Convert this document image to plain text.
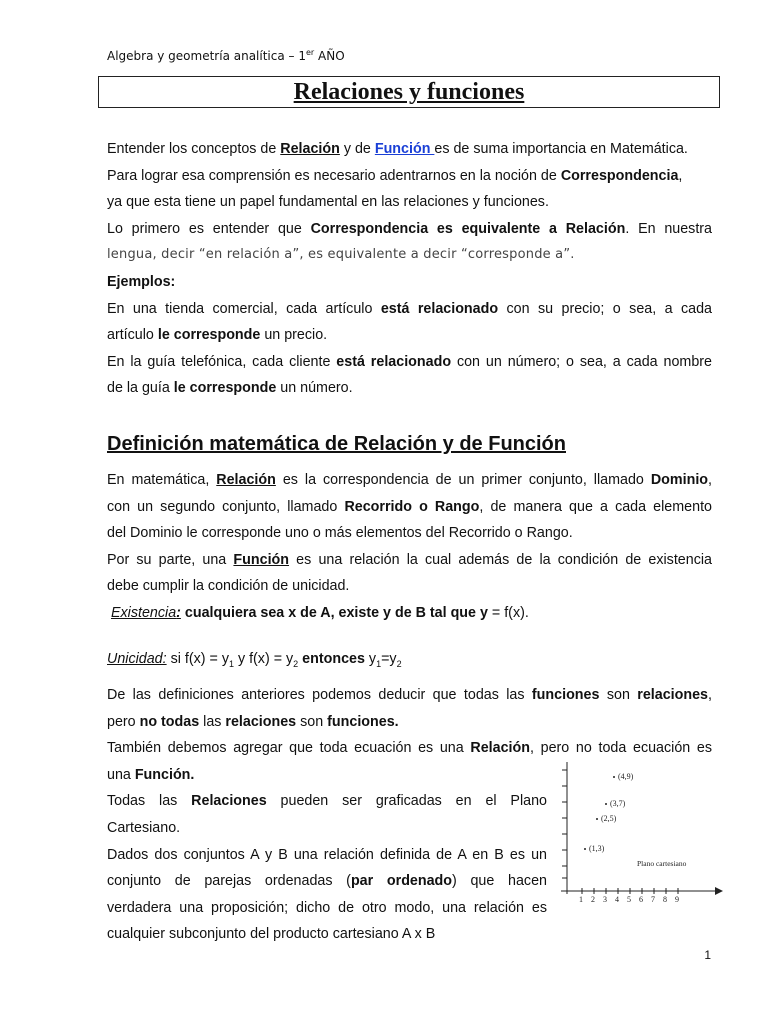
Algebra y geometría analítica – 1er AÑO
Relaciones y funciones
Entender los conceptos de Relación y de Función es de suma importancia en Matemática.
Para lograr esa comprensión es necesario adentrarnos en la noción de Correspondencia,
ya que esta tiene un papel fundamental en las relaciones y funciones.
Lo primero es entender que Correspondencia es equivalente a Relación. En nuestra
lengua, decir “en relación a”, es equivalente a decir “corresponde a”.
Ejemplos:
En una tienda comercial, cada artículo está relacionado con su precio; o sea, a cada
artículo le corresponde un precio.
En la guía telefónica, cada cliente está relacionado con un número; o sea, a cada nombre
de la guía le corresponde un número.
Definición matemática de Relación y de Función
En matemática, Relación es la correspondencia de un primer conjunto, llamado Dominio,
con un segundo conjunto, llamado Recorrido o Rango, de manera que a cada elemento
del Dominio le corresponde uno o más elementos del Recorrido o Rango.
Por su parte, una Función es una relación la cual además de la condición de existencia
debe cumplir la condición de unicidad.
Existencia: cualquiera sea x de A, existe y de B tal que y = f(x).
Unicidad: si $f(x) = y_1$ y $f(x) = y_2$ entonces $y_1=y_2$
De las definiciones anteriores podemos deducir que todas las funciones son relaciones,
pero no todas las relaciones son funciones.
También debemos agregar que toda ecuación es una Relación, pero no toda ecuación es
una Función.
Todas las Relaciones pueden ser graficadas en el Plano
Cartesiano.
Dados dos conjuntos A y B una relación definida de A en B es un
conjunto de parejas ordenadas (par ordenado) que hacen
verdadera una proposición; dicho de otro modo, una relación es
cualquier subconjunto del producto cartesiano A x B
1 2 3 4 5 6 7 8 9
(4,9)
(3,7)
(2,5)
(1,3)
Plano cartesiano
1
